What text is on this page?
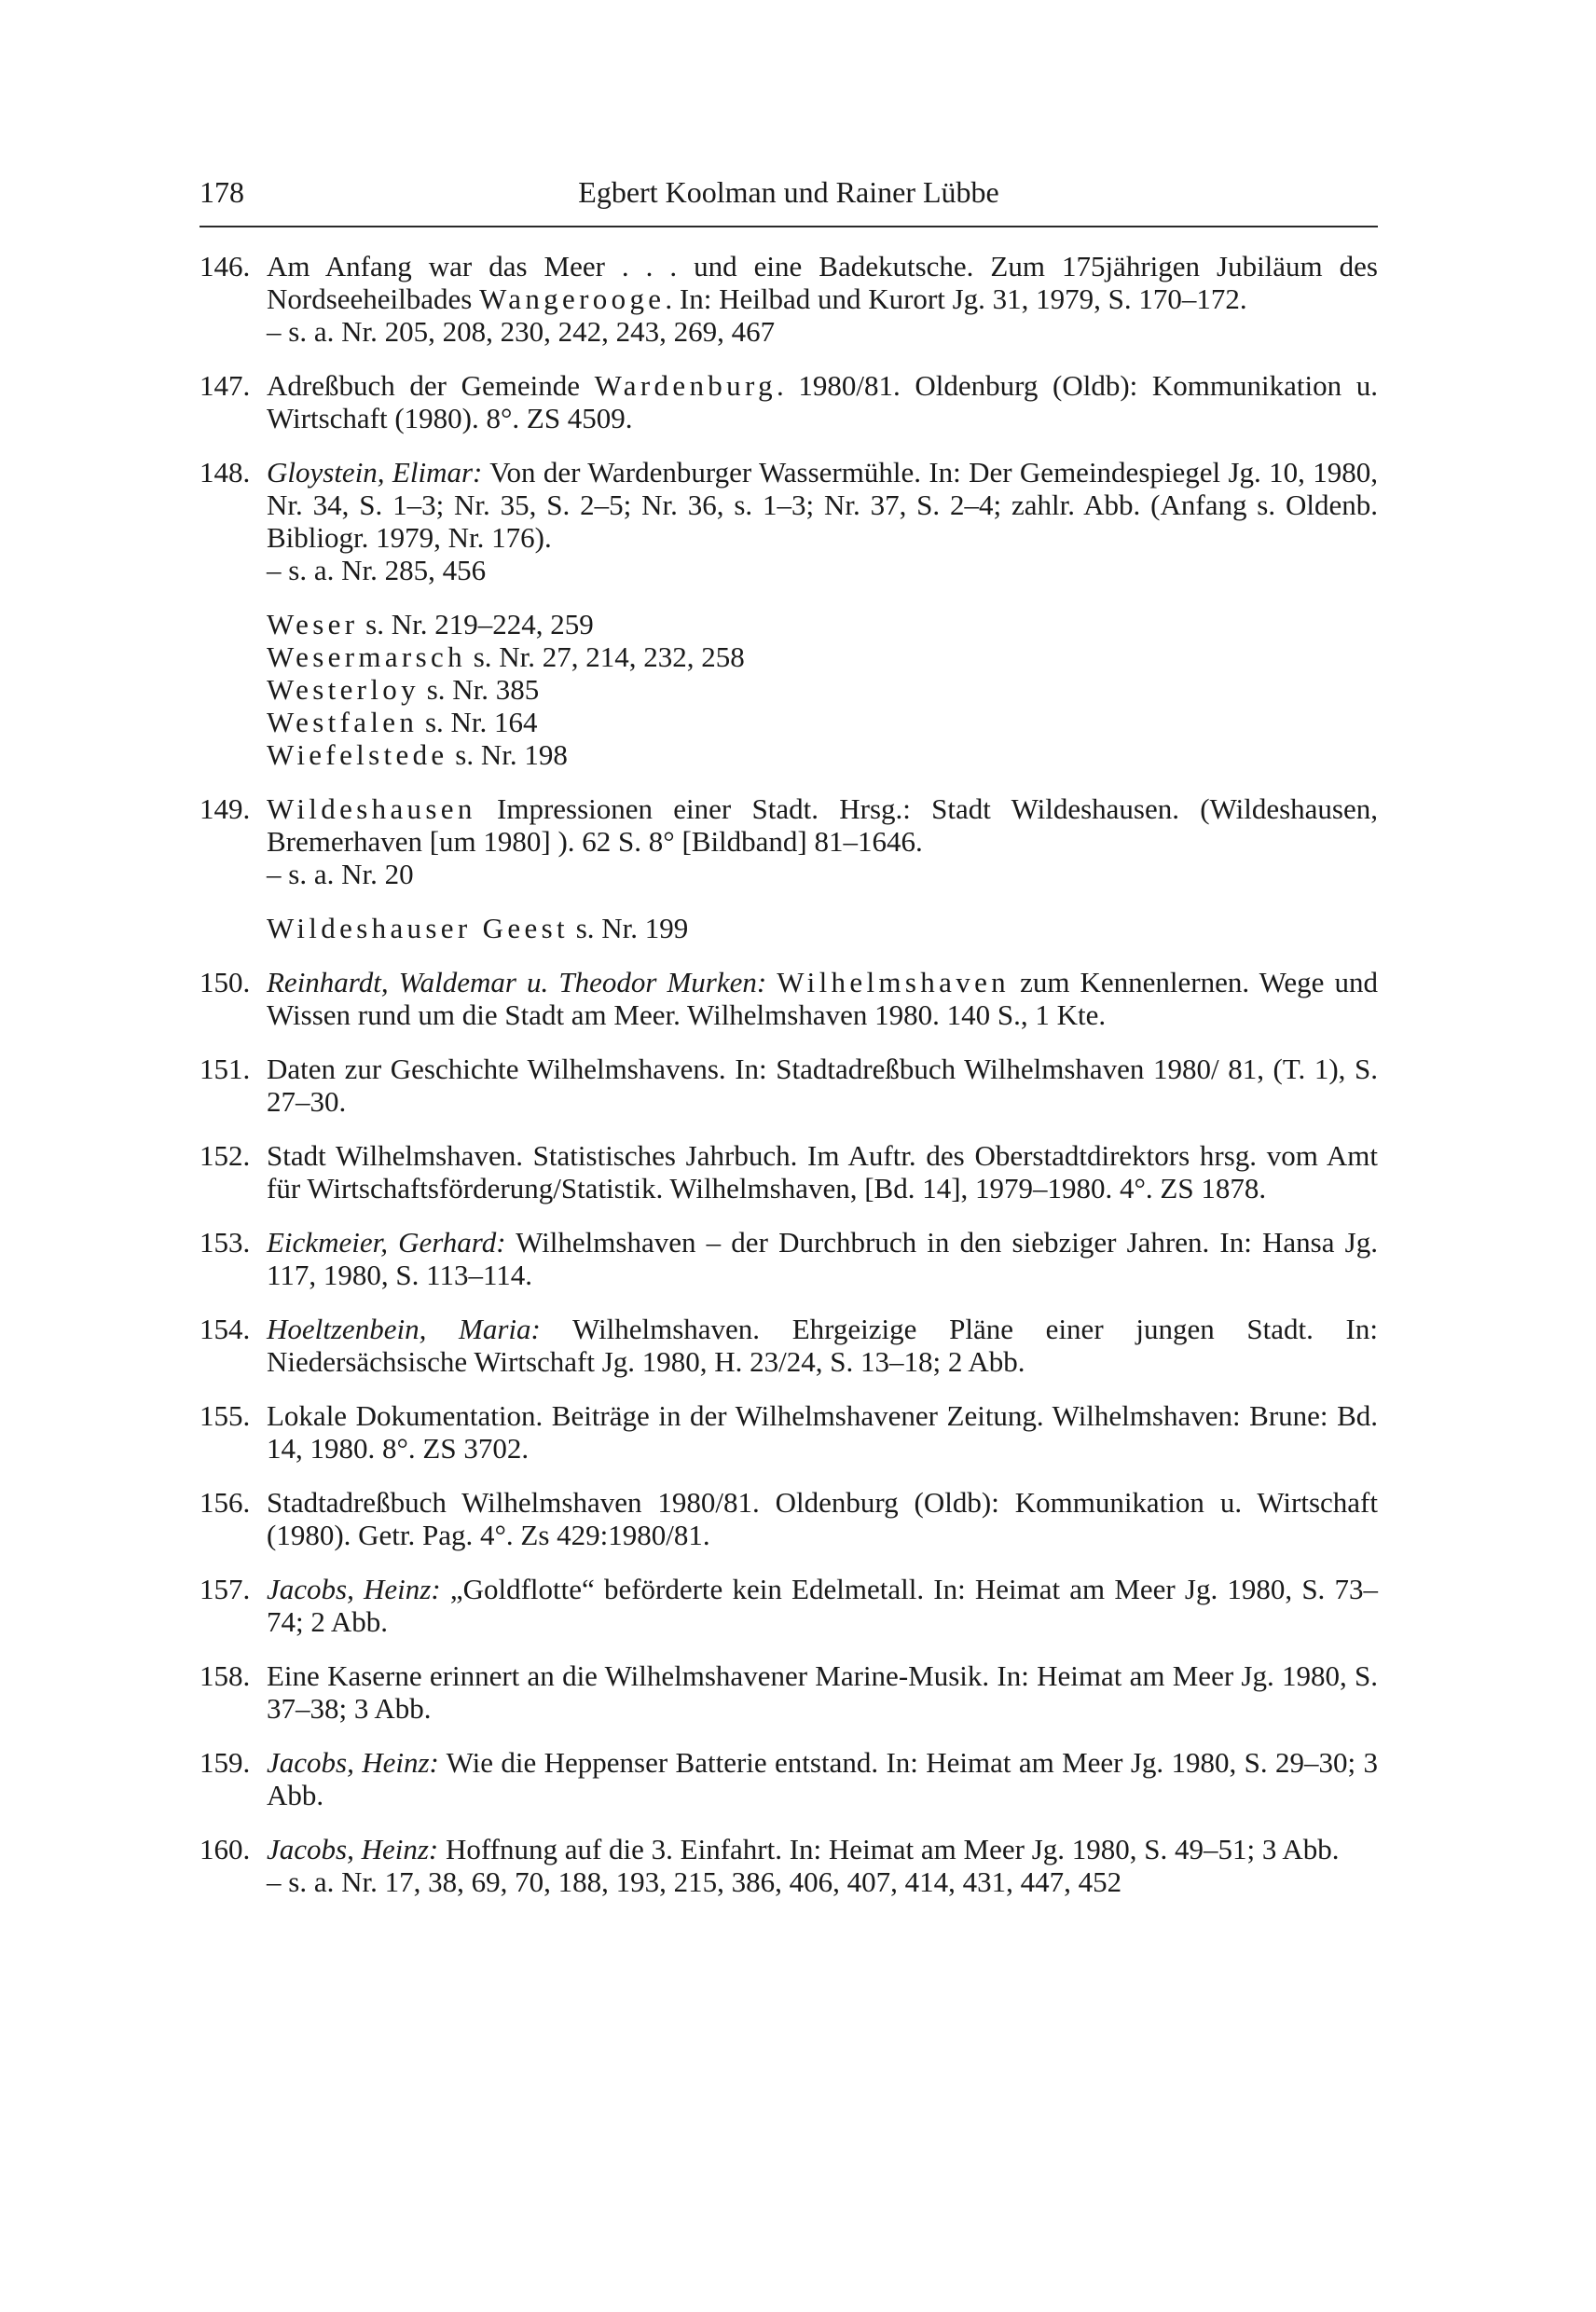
178	Egbert Koolman und Rainer Lübbe
146. Am Anfang war das Meer . . . und eine Badekutsche. Zum 175jährigen Jubiläum des Nordseeheilbades Wangerooge. In: Heilbad und Kurort Jg. 31, 1979, S. 170–172.
– s. a. Nr. 205, 208, 230, 242, 243, 269, 467
147. Adreßbuch der Gemeinde Wardenburg. 1980/81. Oldenburg (Oldb): Kommunikation u. Wirtschaft (1980). 8°. ZS 4509.
148. Gloystein, Elimar: Von der Wardenburger Wassermühle. In: Der Gemeindespiegel Jg. 10, 1980, Nr. 34, S. 1–3; Nr. 35, S. 2–5; Nr. 36, s. 1–3; Nr. 37, S. 2–4; zahlr. Abb. (Anfang s. Oldenb. Bibliogr. 1979, Nr. 176).
– s. a. Nr. 285, 456
Weser s. Nr. 219–224, 259
Wesermarsch s. Nr. 27, 214, 232, 258
Westerloy s. Nr. 385
Westfalen s. Nr. 164
Wiefelstede s. Nr. 198
149. Wildeshausen Impressionen einer Stadt. Hrsg.: Stadt Wildeshausen. (Wildeshausen, Bremerhaven [um 1980] ). 62 S. 8° [Bildband] 81–1646.
– s. a. Nr. 20
Wildeshauser Geest s. Nr. 199
150. Reinhardt, Waldemar u. Theodor Murken: Wilhelmshaven zum Kennenlernen. Wege und Wissen rund um die Stadt am Meer. Wilhelmshaven 1980. 140 S., 1 Kte.
151. Daten zur Geschichte Wilhelmshavens. In: Stadtadreßbuch Wilhelmshaven 1980/ 81, (T. 1), S. 27–30.
152. Stadt Wilhelmshaven. Statistisches Jahrbuch. Im Auftr. des Oberstadtdirektors hrsg. vom Amt für Wirtschaftsförderung/Statistik. Wilhelmshaven, [Bd. 14], 1979–1980. 4°. ZS 1878.
153. Eickmeier, Gerhard: Wilhelmshaven – der Durchbruch in den siebziger Jahren. In: Hansa Jg. 117, 1980, S. 113–114.
154. Hoeltzenbein, Maria: Wilhelmshaven. Ehrgeizige Pläne einer jungen Stadt. In: Niedersächsische Wirtschaft Jg. 1980, H. 23/24, S. 13–18; 2 Abb.
155. Lokale Dokumentation. Beiträge in der Wilhelmshavener Zeitung. Wilhelmshaven: Brune: Bd. 14, 1980. 8°. ZS 3702.
156. Stadtadreßbuch Wilhelmshaven 1980/81. Oldenburg (Oldb): Kommunikation u. Wirtschaft (1980). Getr. Pag. 4°. Zs 429:1980/81.
157. Jacobs, Heinz: „Goldflotte“ beförderte kein Edelmetall. In: Heimat am Meer Jg. 1980, S. 73–74; 2 Abb.
158. Eine Kaserne erinnert an die Wilhelmshavener Marine-Musik. In: Heimat am Meer Jg. 1980, S. 37–38; 3 Abb.
159. Jacobs, Heinz: Wie die Heppenser Batterie entstand. In: Heimat am Meer Jg. 1980, S. 29–30; 3 Abb.
160. Jacobs, Heinz: Hoffnung auf die 3. Einfahrt. In: Heimat am Meer Jg. 1980, S. 49–51; 3 Abb.
– s. a. Nr. 17, 38, 69, 70, 188, 193, 215, 386, 406, 407, 414, 431, 447, 452
